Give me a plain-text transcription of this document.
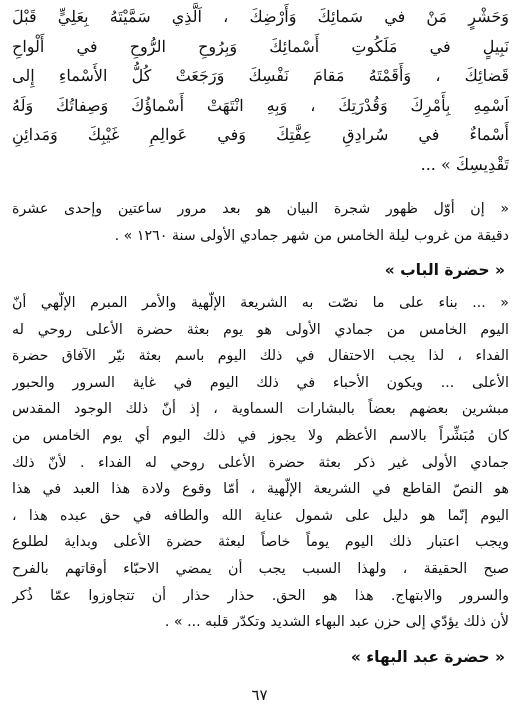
وَحَشْرٍ مَنْ في سَمائِكَ وَأَرْضِكَ ، اَلَّذِي سَمَّيْتَهُ بِعَلِيٍّ قَبْلَ
نَبِيلٍ في مَلَكُوتِ أَسْمائِكَ وَبِرُوحِ الرُّوحِ في أَلْواحِ
قَضائِكَ ، وَأَقَمْتَهُ مَقامَ نَفْسِكَ وَرَجَعَتْ كُلُّ الأَسْماءِ إِلى
اَسْمِهِ بِأَمْرِكَ وَقُدْرَتِكَ ، وَبِهِ انْتَهَتْ أَسْماؤُكَ وَصِفاتُكَ وَلَهُ
أَسْماءٌ في سُرادِقِ عِفَّتِكَ وَفي عَوالِمِ غَيْبِكَ وَمَدائِنِ
تَقْدِيسِكَ » ...
« إن أوّل ظهور شجرة البيان هو بعد مرور ساعتين وإحدى عشرة
دقيقة من غروب ليلة الخامس من شهر جمادي الأولى سنة ١٢٦٠ » .
« حضرة الباب »
« ... بناء على ما نصّت به الشريعة الإلّهية والأمر المبرم الإلّهي أنّ
اليوم الخامس من جمادي الأولى هو يوم بعثة حضرة الأعلى روحي له
الفداء ، لذا يجب الاحتفال في ذلك اليوم باسم بعثة نيّر الآفاق حضرة
الأعلى ... ويكون الأحباء في ذلك اليوم في غاية السرور والحبور
مبشرين بعضهم بعضاً بالبشارات السماوية ، إذ أنّ ذلك الوجود المقدس
كان مُبَشِّراً بالاسم الأعظم ولا يجوز في ذلك اليوم أي يوم الخامس من
جمادي الأولى غير ذكر بعثة حضرة الأعلى روحي له الفداء . لأنّ ذلك
هو النصّ القاطع في الشريعة الإلّهية ، أمّا وقوع ولادة هذا العبد في هذا
اليوم إنّما هو دليل على شمول عناية الله والطافه في حق عبده هذا ،
ويجب اعتبار ذلك اليوم يوماً خاصاً لبعثة حضرة الأعلى وبداية لطلوع
صبح الحقيقة ، ولهذا السبب يجب أن يمضي الاحبّاء أوقاتهم بالفرح
والسرور والابتهاج. هذا هو الحق. حذار حذار أن تتجاوزوا عمّا ذُكر
لأن ذلك يؤدّي إلى حزن عبد البهاء الشديد وتكدّر قلبه ... » .
« حضرة عبد البهاء »
٦٧
